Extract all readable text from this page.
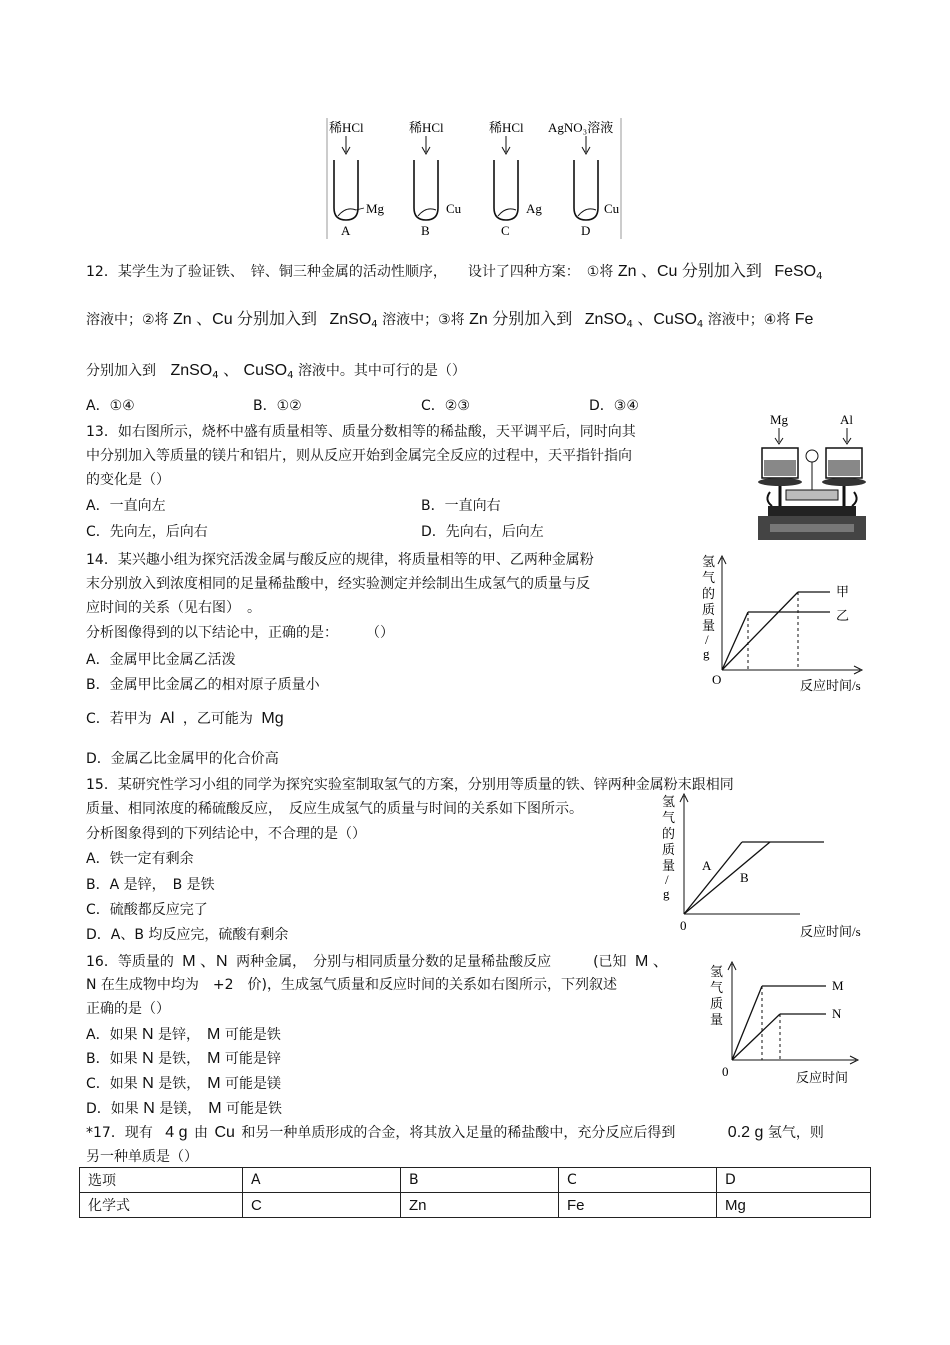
稀HCl
Mg
A
稀HCl
Cu
B
稀HCl
Ag
C
AgNO₃溶液
Cu
D
12．某学生为了验证铁、　锌、铜三种金属的活动性顺序，　　设计了四种方案：　①将 Zn 、Cu 分别加入到 FeSO$_4$
溶液中；②将 Zn 、Cu 分别加入到 ZnSO$_4$ 溶液中；③将 Zn 分别加入到 ZnSO$_4$ 、CuSO$_4$ 溶液中；④将 Fe
分别加入到 ZnSO$_4$ 、 CuSO$_4$ 溶液中。其中可行的是（）
A．①④	B．①②	C．②③	D．③④
13．如右图所示，烧杯中盛有质量相等、质量分数相等的稀盐酸，天平调平后，同时向其
中分别加入等质量的镁片和铝片，则从反应开始到金属完全反应的过程中，天平指针指向
的变化是（）
A．一直向左	B．一直向右
C．先向左，后向右	D．先向右，后向左
Mg	Al
14．某兴趣小组为探究活泼金属与酸反应的规律，将质量相等的甲、乙两种金属粉
末分别放入到浓度相同的足量稀盐酸中，经实验测定并绘制出生成氢气的质量与反
应时间的关系（见右图）　。
分析图像得到的以下结论中，正确的是：　　　（）
A．金属甲比金属乙活泼
B．金属甲比金属乙的相对原子质量小
C．若甲为 Al ，乙可能为 Mg
D．金属乙比金属甲的化合价高
氢
气
的
质
量
/
g
甲
乙
O	反应时间/s
15．某研究性学习小组的同学为探究实验室制取氢气的方案，分别用等质量的铁、锌两种金属粉末跟相同
质量、相同浓度的稀硫酸反应，　反应生成氢气的质量与时间的关系如下图所示。
分析图象得到的下列结论中，不合理的是（）
A．铁一定有剩余
B．A 是锌，　B 是铁
C．硫酸都反应完了
D．A、B 均反应完，硫酸有剩余
氢
气
的
质
量
/
g
A
B
0	反应时间/s
16．等质量的 M 、N 两种金属，　分别与相同质量分数的足量稀盐酸反应　　　(已知 M 、
N 在生成物中均为　+2　价)，生成氢气质量和反应时间的关系如右图所示，下列叙述
正确的是（）
A．如果 N 是锌，　 M 可能是铁
B．如果 N 是铁，　 M 可能是锌
C．如果 N 是铁，　 M 可能是镁
D．如果 N 是镁，　 M 可能是铁
氢
气
质
量
M
N
0	反应时间
*17．现有 4 g 由 Cu 和另一种单质形成的合金，将其放入足量的稀盐酸中，充分反应后得到	0.2 g 氢气，则
另一种单质是（）
选项	A	B	C	D
化学式	C	Zn	Fe	Mg
